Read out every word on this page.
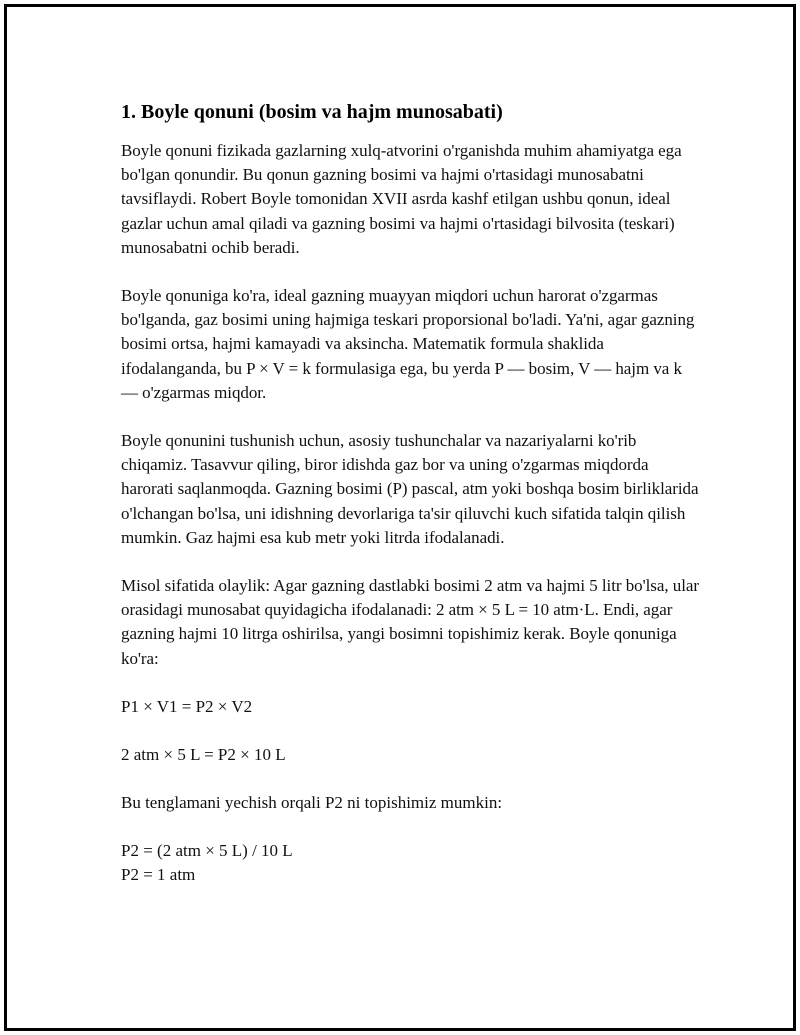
1. Boyle qonuni (bosim va hajm munosabati)

Boyle qonuni fizikada gazlarning xulq-atvorini o'rganishda muhim ahamiyatga ega bo'lgan qonundir. Bu qonun gazning bosimi va hajmi o'rtasidagi munosabatni tavsiflaydi. Robert Boyle tomonidan XVII asrda kashf etilgan ushbu qonun, ideal gazlar uchun amal qiladi va gazning bosimi va hajmi o'rtasidagi bilvosita (teskari) munosabatni ochib beradi.

Boyle qonuniga ko'ra, ideal gazning muayyan miqdori uchun harorat o'zgarmas bo'lganda, gaz bosimi uning hajmiga teskari proporsional bo'ladi. Ya'ni, agar gazning bosimi ortsa, hajmi kamayadi va aksincha. Matematik formula shaklida ifodalanganda, bu P × V = k formulasiga ega, bu yerda P — bosim, V — hajm va k — o'zgarmas miqdor.

Boyle qonunini tushunish uchun, asosiy tushunchalar va nazariyalarni ko'rib chiqamiz. Tasavvur qiling, biror idishda gaz bor va uning o'zgarmas miqdorda harorati saqlanmoqda. Gazning bosimi (P) pascal, atm yoki boshqa bosim birliklarida o'lchangan bo'lsa, uni idishning devorlariga ta'sir qiluvchi kuch sifatida talqin qilish mumkin. Gaz hajmi esa kub metr yoki litrda ifodalanadi.

Misol sifatida olaylik: Agar gazning dastlabki bosimi 2 atm va hajmi 5 litr bo'lsa, ular orasidagi munosabat quyidagicha ifodalanadi: 2 atm × 5 L = 10 atm·L. Endi, agar gazning hajmi 10 litrga oshirilsa, yangi bosimni topishimiz kerak. Boyle qonuniga ko'ra:

P1 × V1 = P2 × V2

2 atm × 5 L = P2 × 10 L

Bu tenglamani yechish orqali P2 ni topishimiz mumkin:

P2 = (2 atm × 5 L) / 10 L
P2 = 1 atm
